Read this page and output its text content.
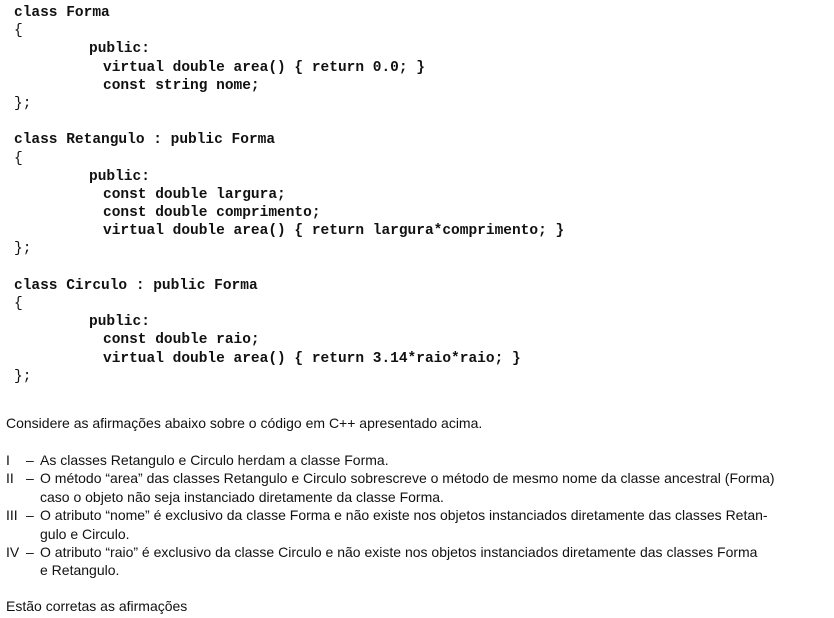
class Forma
{
public:
virtual double area() { return 0.0; }
const string nome;
};
class Retangulo : public Forma
{
public:
const double largura;
const double comprimento;
virtual double area() { return largura*comprimento; }
};
class Circulo : public Forma
{
public:
const double raio;
virtual double area() { return 3.14*raio*raio; }
};
Considere as afirmações abaixo sobre o código em C++ apresentado acima.
I	– As classes Retangulo e Circulo herdam a classe Forma.
II – O método “area” das classes Retangulo e Circulo sobrescreve o método de mesmo nome da classe ancestral (Forma)
caso o objeto não seja instanciado diretamente da classe Forma.
III – O atributo “nome” é exclusivo da classe Forma e não existe nos objetos instanciados diretamente das classes Retan-
gulo e Circulo.
IV – O atributo “raio” é exclusivo da classe Circulo e não existe nos objetos instanciados diretamente das classes Forma
e Retangulo.
Estão corretas as afirmações
